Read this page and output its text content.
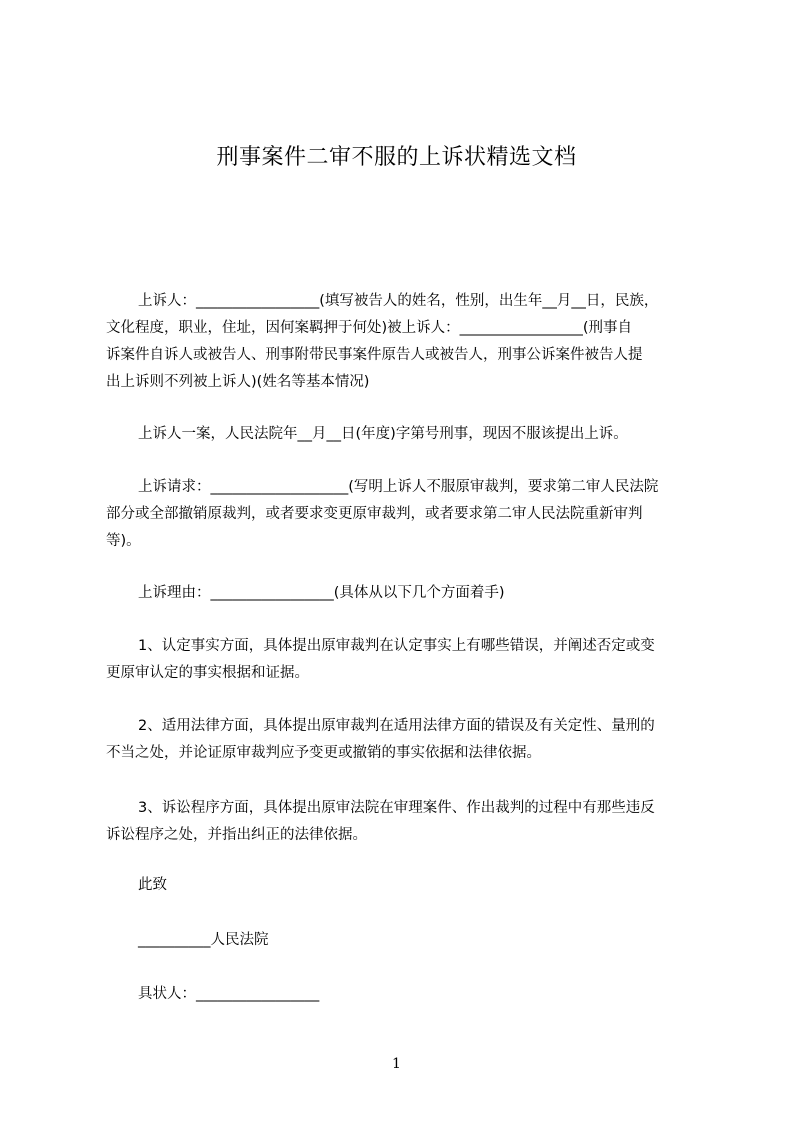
刑事案件二审不服的上诉状精选文档
上诉人：_________________(填写被告人的姓名，性别，出生年__月__日，民族，
文化程度，职业，住址，因何案羁押于何处)被上诉人：_________________(刑事自
诉案件自诉人或被告人、刑事附带民事案件原告人或被告人，刑事公诉案件被告人提
出上诉则不列被上诉人)(姓名等基本情况)
上诉人一案，人民法院年__月__日(年度)字第号刑事，现因不服该提出上诉。
上诉请求：___________________(写明上诉人不服原审裁判，要求第二审人民法院
部分或全部撤销原裁判，或者要求变更原审裁判，或者要求第二审人民法院重新审判
等)。
上诉理由：_________________(具体从以下几个方面着手)
1、认定事实方面，具体提出原审裁判在认定事实上有哪些错误，并阐述否定或变
更原审认定的事实根据和证据。
2、适用法律方面，具体提出原审裁判在适用法律方面的错误及有关定性、量刑的
不当之处，并论证原审裁判应予变更或撤销的事实依据和法律依据。
3、诉讼程序方面，具体提出原审法院在审理案件、作出裁判的过程中有那些违反
诉讼程序之处，并指出纠正的法律依据。
此致
__________人民法院
具状人：_________________
1
